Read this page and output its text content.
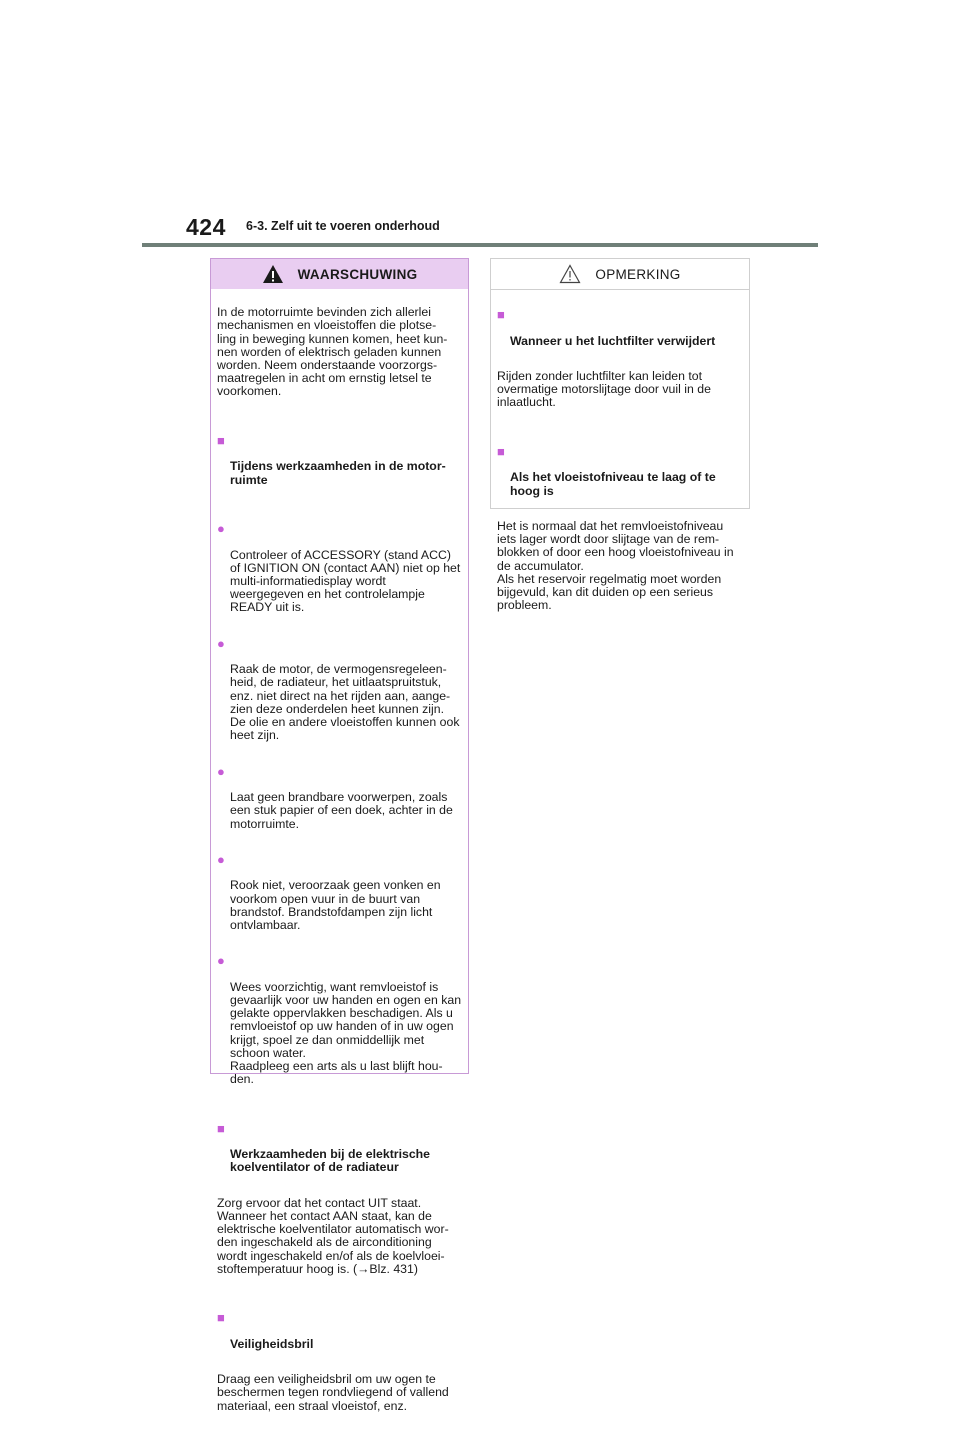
424 6-3. Zelf uit te voeren onderhoud
WAARSCHUWING

In de motorruimte bevinden zich allerlei mechanismen en vloeistoffen die plotse-
ling in beweging kunnen komen, heet kun-
nen worden of elektrisch geladen kunnen worden. Neem onderstaande voorzorgs-
maatregelen in acht om ernstig letsel te voorkomen.

■

Tijdens werkzaamheden in de motor-
ruimte

●

Controleer of ACCESSORY (stand ACC) of IGNITION ON (contact AAN) niet op het multi-informatiedisplay wordt weergegeven en het controlelampje READY uit is.

●

Raak de motor, de vermogensregeleen-
heid, de radiateur, het uitlaatspruitstuk, enz. niet direct na het rijden aan, aange-
zien deze onderdelen heet kunnen zijn. De olie en andere vloeistoffen kunnen ook heet zijn.

●

Laat geen brandbare voorwerpen, zoals een stuk papier of een doek, achter in de motorruimte.

●

Rook niet, veroorzaak geen vonken en voorkom open vuur in de buurt van brandstof. Brandstofdampen zijn licht ontvlambaar.

●

Wees voorzichtig, want remvloeistof is gevaarlijk voor uw handen en ogen en kan gelakte oppervlakken beschadigen. Als u remvloeistof op uw handen of in uw ogen krijgt, spoel ze dan onmiddellijk met schoon water.
Raadpleeg een arts als u last blijft hou-
den.

■

Werkzaamheden bij de elektrische koelventilator of de radiateur

Zorg ervoor dat het contact UIT staat. Wanneer het contact AAN staat, kan de elektrische koelventilator automatisch wor-
den ingeschakeld als de airconditioning wordt ingeschakeld en/of als de koelvloei-
stoftemperatuur hoog is. (→Blz. 431)

■

Veiligheidsbril

Draag een veiligheidsbril om uw ogen te beschermen tegen rondvliegend of vallend materiaal, een straal vloeistof, enz.

OPMERKING

■

Wanneer u het luchtfilter verwijdert

Rijden zonder luchtfilter kan leiden tot overmatige motorslijtage door vuil in de inlaatlucht.

■

Als het vloeistofniveau te laag of te hoog is

Het is normaal dat het remvloeistofniveau iets lager wordt door slijtage van de rem-
blokken of door een hoog vloeistofniveau in de accumulator.
Als het reservoir regelmatig moet worden bijgevuld, kan dit duiden op een serieus probleem.
